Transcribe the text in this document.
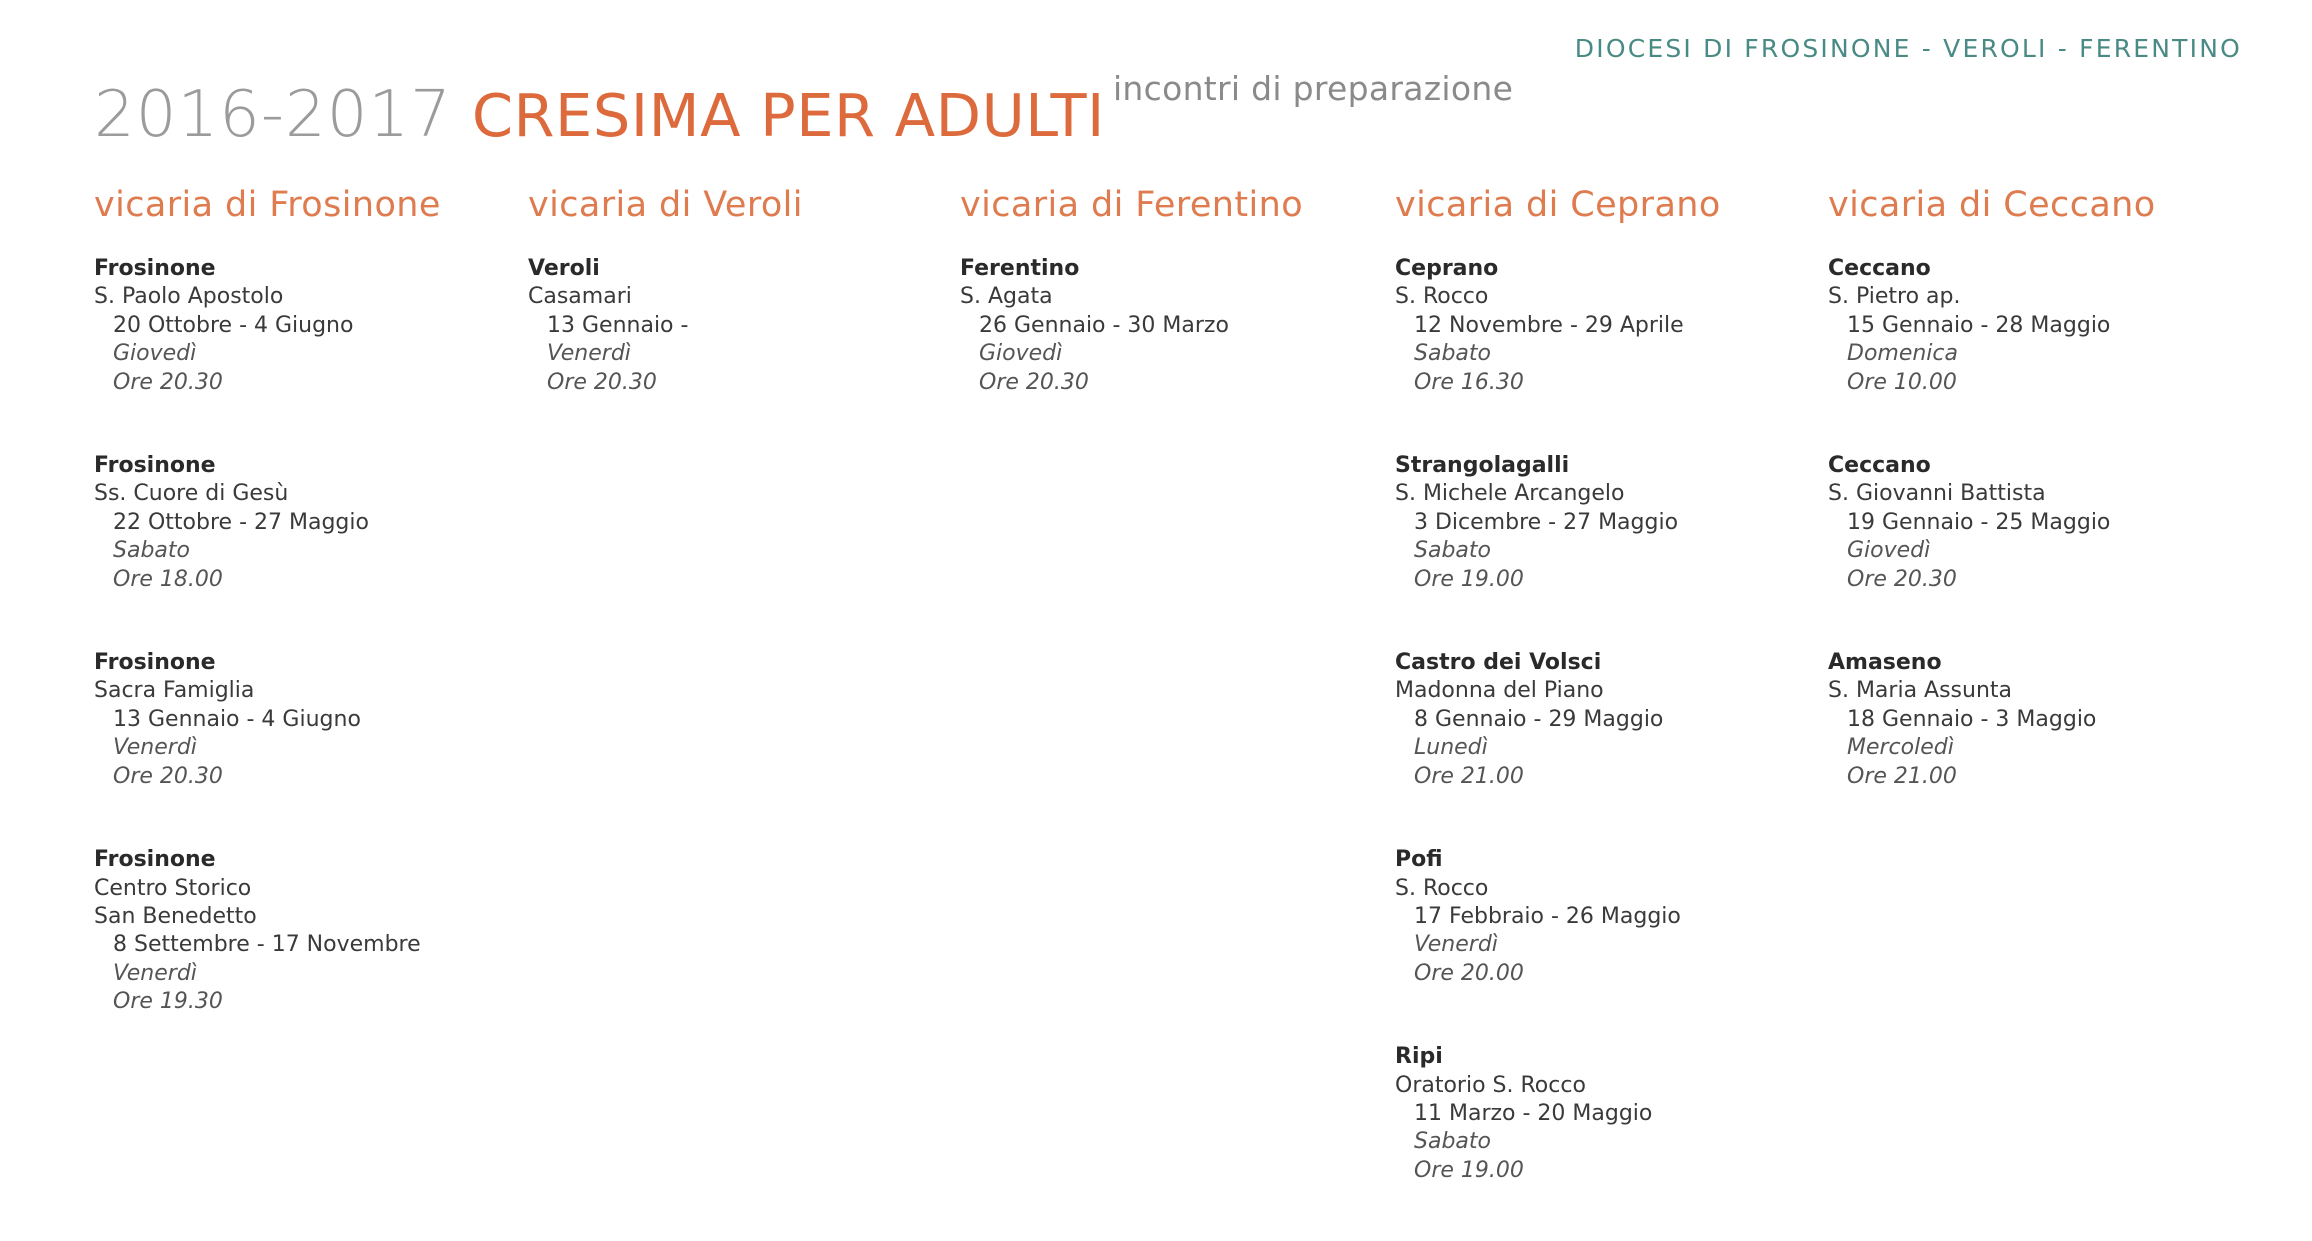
DIOCESI DI FROSINONE - VEROLI - FERENTINO
2016-2017 CRESIMA PER ADULTI incontri di preparazione
vicaria di Frosinone
Frosinone
S. Paolo Apostolo
20 Ottobre - 4 Giugno
Giovedì
Ore 20.30
Frosinone
Ss. Cuore di Gesù
22 Ottobre - 27 Maggio
Sabato
Ore 18.00
Frosinone
Sacra Famiglia
13 Gennaio - 4 Giugno
Venerdì
Ore 20.30
Frosinone
Centro Storico
San Benedetto
8 Settembre - 17 Novembre
Venerdì
Ore 19.30
vicaria di Veroli
Veroli
Casamari
13 Gennaio -
Venerdì
Ore 20.30
vicaria di Ferentino
Ferentino
S. Agata
26 Gennaio - 30 Marzo
Giovedì
Ore 20.30
vicaria di Ceprano
Ceprano
S. Rocco
12 Novembre - 29 Aprile
Sabato
Ore 16.30
Strangolagalli
S. Michele Arcangelo
3 Dicembre - 27 Maggio
Sabato
Ore 19.00
Castro dei Volsci
Madonna del Piano
8 Gennaio - 29 Maggio
Lunedì
Ore 21.00
Pofi
S. Rocco
17 Febbraio - 26 Maggio
Venerdì
Ore 20.00
Ripi
Oratorio S. Rocco
11 Marzo - 20 Maggio
Sabato
Ore 19.00
vicaria di Ceccano
Ceccano
S. Pietro ap.
15 Gennaio - 28 Maggio
Domenica
Ore 10.00
Ceccano
S. Giovanni Battista
19 Gennaio - 25 Maggio
Giovedì
Ore 20.30
Amaseno
S. Maria Assunta
18 Gennaio - 3 Maggio
Mercoledì
Ore 21.00
